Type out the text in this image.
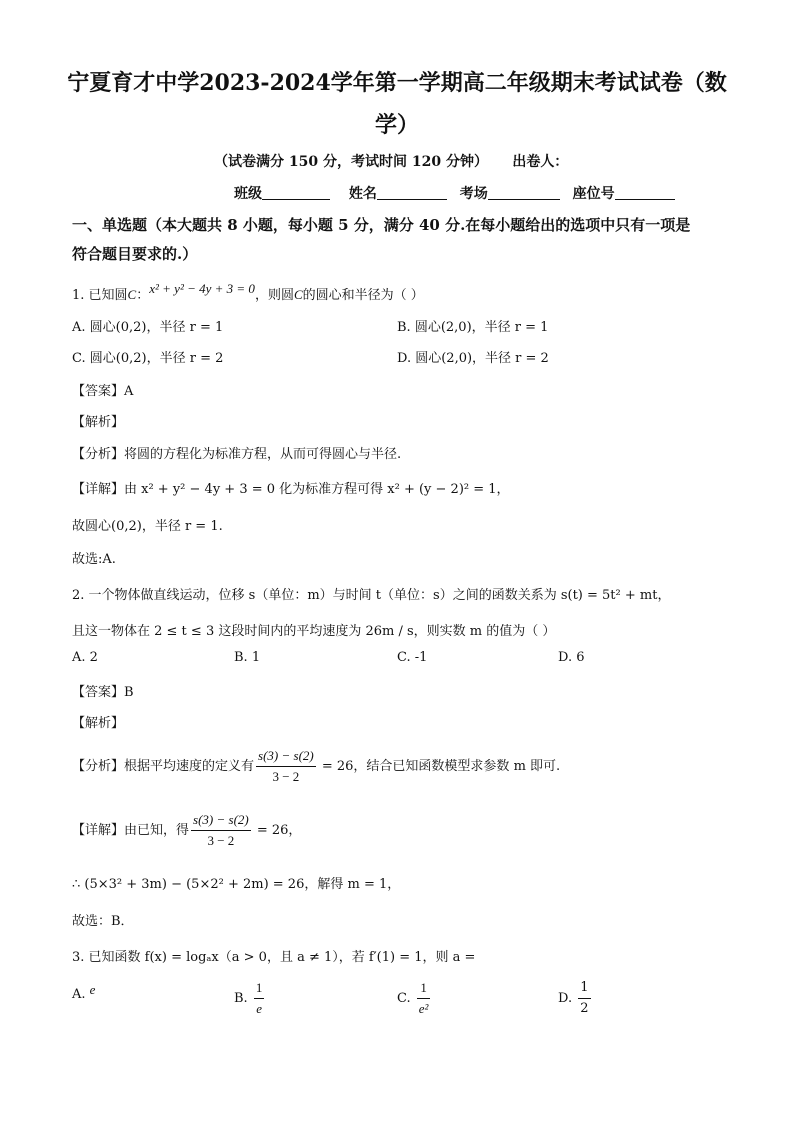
宁夏育才中学2023-2024学年第一学期高二年级期末考试试卷（数
学）
（试卷满分 150 分，考试时间 120 分钟）     出卷人：
班级	姓名	考场	座位号
一、单选题（本大题共 8 小题，每小题 5 分，满分 40 分.在每小题给出的选项中只有一项是
符合题目要求的.）
1. 已知圆C：x² + y² − 4y + 3 = 0，则圆C的圆心和半径为（ ）
A. 圆心(0,2)，半径 r = 1	B. 圆心(2,0)，半径 r = 1
C. 圆心(0,2)，半径 r = 2	D. 圆心(2,0)，半径 r = 2
【答案】A
【解析】
【分析】将圆的方程化为标准方程，从而可得圆心与半径.
【详解】由 x² + y² − 4y + 3 = 0 化为标准方程可得 x² + (y − 2)² = 1，
故圆心(0,2)，半径 r = 1.
故选:A.
2. 一个物体做直线运动，位移 s（单位：m）与时间 t（单位：s）之间的函数关系为 s(t) = 5t² + mt，
且这一物体在 2 ≤ t ≤ 3 这段时间内的平均速度为 26m / s，则实数 m 的值为（ ）
A. 2	B. 1	C. -1	D. 6
【答案】B
【解析】
【分析】根据平均速度的定义有 $\frac{s(3) - s(2)}{3 - 2} = 26$，结合已知函数模型求参数 m 即可.
【详解】由已知，得 $\frac{s(3) - s(2)}{3 - 2} = 26$，
∴ (5×3² + 3m) − (5×2² + 2m) = 26，解得 m = 1，
故选：B．
3. 已知函数 f(x) = logₐx（a > 0，且 a ≠ 1），若 f′(1) = 1，则 a =
A. e
B. $\frac{1}{e}$	C. $\frac{1}{\text{e²}}$	D. $\frac{1}{2}$
